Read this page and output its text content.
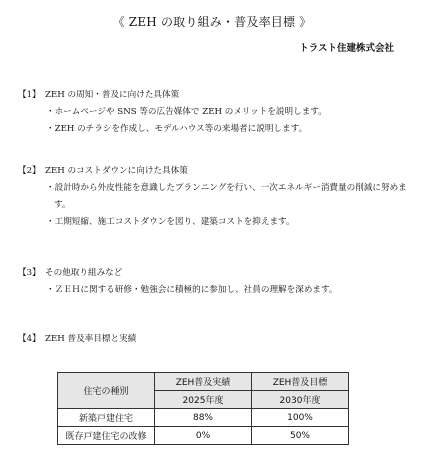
《 ZEH の取り組み・普及率目標 》
トラスト住建株式会社
【1】 ZEH の周知・普及に向けた具体策
・ホームページや SNS 等の広告媒体で ZEH のメリットを説明します。
・ZEH のチラシを作成し、モデルハウス等の来場者に説明します。
【2】 ZEH のコストダウンに向けた具体策
・設計時から外皮性能を意識したプランニングを行い、一次エネルギー消費量の削減に努めます。
・工期短縮、施工コストダウンを図り、建築コストを抑えます。
【3】 その他取り組みなど
・ＺＥＨに関する研修・勉強会に積極的に参加し、社員の理解を深めます。
【4】 ZEH 普及率目標と実績
住宅の種別	ZEH普及実績	ZEH普及目標
	2025年度	2030年度
新築戸建住宅	88%	100%
既存戸建住宅の改修	0%	50%
